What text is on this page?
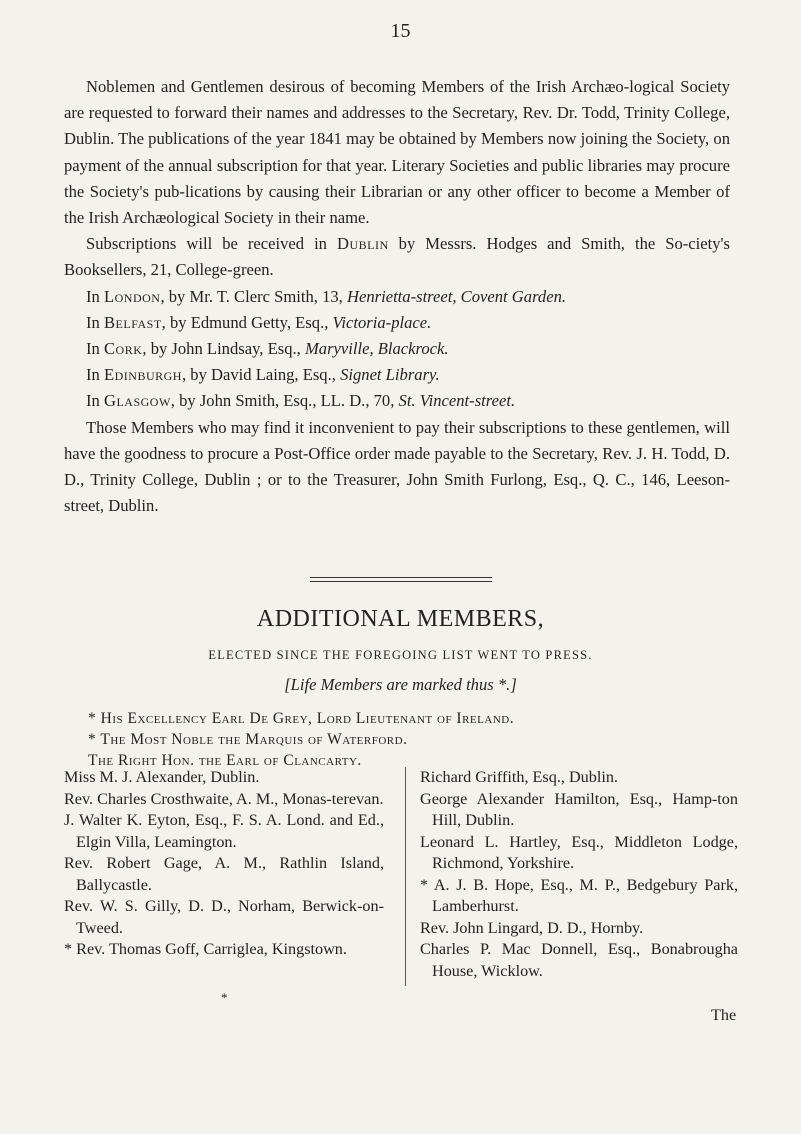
15

Noblemen and Gentlemen desirous of becoming Members of the Irish Archæo-logical Society are requested to forward their names and addresses to the Secretary, Rev. Dr. Todd, Trinity College, Dublin. The publications of the year 1841 may be obtained by Members now joining the Society, on payment of the annual subscription for that year. Literary Societies and public libraries may procure the Society's pub-lications by causing their Librarian or any other officer to become a Member of the Irish Archæological Society in their name.

Subscriptions will be received in Dublin by Messrs. Hodges and Smith, the So-ciety's Booksellers, 21, College-green.

In London, by Mr. T. Clerc Smith, 13, Henrietta-street, Covent Garden.

In Belfast, by Edmund Getty, Esq., Victoria-place.

In Cork, by John Lindsay, Esq., Maryville, Blackrock.

In Edinburgh, by David Laing, Esq., Signet Library.

In Glasgow, by John Smith, Esq., LL. D., 70, St. Vincent-street.

Those Members who may find it inconvenient to pay their subscriptions to these gentlemen, will have the goodness to procure a Post-Office order made payable to the Secretary, Rev. J. H. Todd, D. D., Trinity College, Dublin ; or to the Treasurer, John Smith Furlong, Esq., Q. C., 146, Leeson-street, Dublin.

ADDITIONAL MEMBERS,
ELECTED SINCE THE FOREGOING LIST WENT TO PRESS.
[Life Members are marked thus *.]
* His Excellency Earl De Grey, Lord Lieutenant of Ireland.
* The Most Noble the Marquis of Waterford.
The Right Hon. the Earl of Clancarty.
Miss M. J. Alexander, Dublin.
Rev. Charles Crosthwaite, A. M., Monas-terevan.
J. Walter K. Eyton, Esq., F. S. A. Lond. and Ed., Elgin Villa, Leamington.
Rev. Robert Gage, A. M., Rathlin Island, Ballycastle.
Rev. W. S. Gilly, D. D., Norham, Berwick-on-Tweed.
* Rev. Thomas Goff, Carriglea, Kingstown.
Richard Griffith, Esq., Dublin.
George Alexander Hamilton, Esq., Hamp-ton Hill, Dublin.
Leonard L. Hartley, Esq., Middleton Lodge, Richmond, Yorkshire.
* A. J. B. Hope, Esq., M. P., Bedgebury Park, Lamberhurst.
Rev. John Lingard, D. D., Hornby.
Charles P. Mac Donnell, Esq., Bonabrougha House, Wicklow.
*
The
